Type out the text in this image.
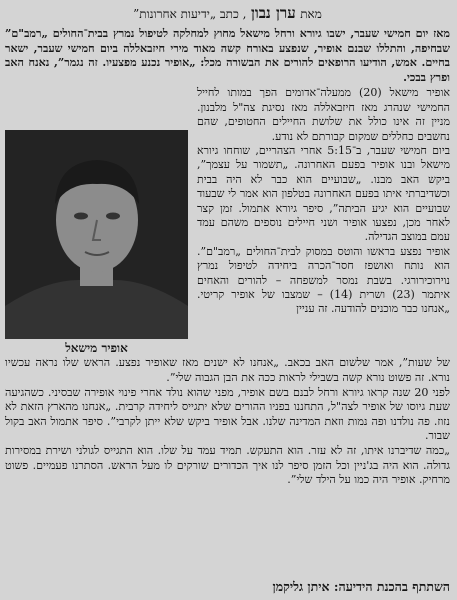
מאת ערן נבון , כתב „ידיעות אחרונות”

מאז יום חמישי שעבר, ישבו גיורא ורחל מישאל מחוץ למחלקה לטיפול נמרץ בבית־החולים „רמב"ם” שבחיפה, והתללו שבנם אופיר, שנפצע באורח קשה מאוד מירי חיזבאללה ביום חמישי שעבר, ישאר בחיים. אמש, הודיעו הרופאים להורים את הבשורה מכל: „אופיר נכנע מפצעיו. זה נגמר”, נאנח האב ופרץ בבכי.

אופיר מישאל (20) ממעלה־אדומים הפך במותו לחייל החמישי שנהרג מאז חיזבאללה מאז נסיגת צה"ל מלבנון. מניין זה אינו כולל את שלושת החיילים החטופים, שהם נחשבים כחללים שמקום קבורתם לא נודע.

ביום חמישי שעבר, ב־5:15 אחרי הצהריים, שוחחו גיורא מישאל ובנו אופיר בפעם האחרונה. „תשמור על עצמך”, ביקש האב מבנו. „שבועיים הוא כבר לא היה בבית וכשדיברתי איתו בפעם האחרונה בטלפון הוא אמר לי שבעוד שבועיים הוא יגיע הביתה”, סיפר גיורא אתמול. זמן קצר לאחר מכן, נפצעו אופיר ושני חיילים נוספים משהם עמד עמם במוצב הגדילה.

אופיר נפצע בראשו והוטס במסוק לבית־החולים „רמב"ם”. הוא נותח ואושפז חסר־הכרה ביחידה לטיפול נמרץ נוירוכירורגי. בשבת נמסר למשפחה – להורים והאחים איתמר (23) ושרית (14) – שמצבו של אופיר קריטי. „אנחנו כבר מוכנים להודעה. זה עניין

אופיר מישאל

של שעות”, אמר שלשום האב בכאב. „אנחנו לא ישנים מאז שאופיר נפצע. הראש שלו נראה עכשיו נורא. זה פשוט נורא קשה בשבילי לראות ככה את הבן הגבוה שלי”.

לפני 20 שנה קראו גיורא ורחל לבנם בשם אופיר, מפני שהוא נולד אחרי פינוי אופירה שבסיני. כשהגיעה שעת גיוסו של אופיר לצה"ל, התחננו בפניו ההורים שלא יתגייס ליחידה קרבית. „אנחנו מהארץ הזאת לא נזוז. פה נולדנו ופה נמות וזאת המדינה שלנו. אבל אופיר ביקש שלא ייתן לקרבי”. סיפר אתמול האב בקול שבור.

„כמה שדיברנו איתו, זה לא עזר. הוא התעקש. תמיד עמד על שלו. הוא התגייס לגולני ושירת במסירות גדולה. הוא היה בג'ניין וכל הזמן סיפר לנו איך הכדורים שורקים לו מעל הראש. הסתרנו פעמיים. פשוט מרחיק. אופיר היה כמו על הילד שלי”.

השתתף בהכנת הידיעה: איתן גליקמן
